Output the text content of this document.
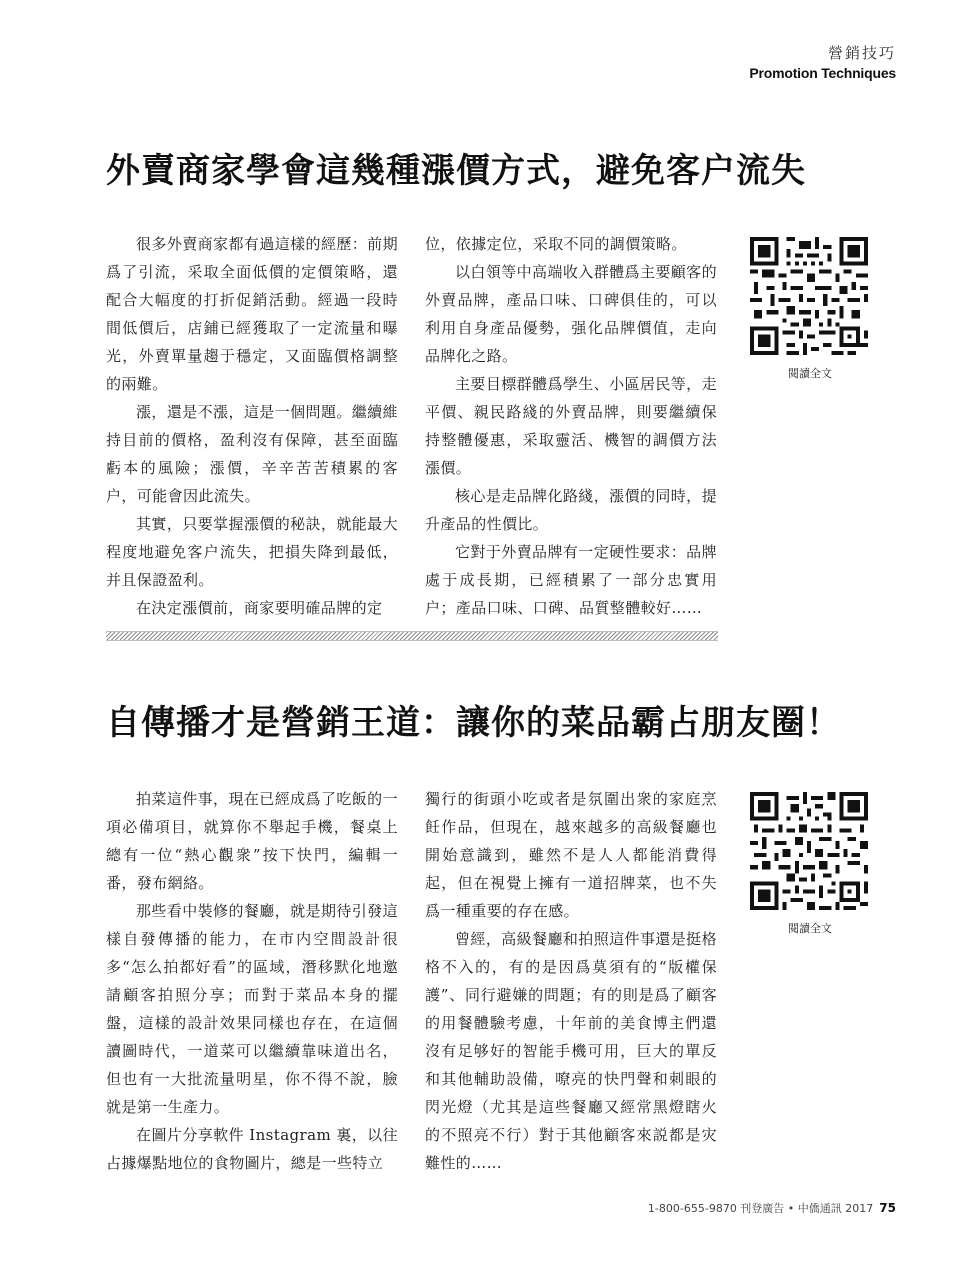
營銷技巧
Promotion Techniques
外賣商家學會這幾種漲價方式，避免客户流失

很多外賣商家都有過這樣的經歷：前期爲了引流，采取全面低價的定價策略，還配合大幅度的打折促銷活動。經過一段時間低價后，店鋪已經獲取了一定流量和曝光，外賣單量趨于穩定，又面臨價格調整的兩難。

漲，還是不漲，這是一個問題。繼續維持目前的價格，盈利沒有保障，甚至面臨虧本的風險；漲價，辛辛苦苦積累的客户，可能會因此流失。

其實，只要掌握漲價的秘訣，就能最大程度地避免客户流失，把損失降到最低，并且保證盈利。

在決定漲價前，商家要明確品牌的定

位，依據定位，采取不同的調價策略。

以白領等中高端收入群體爲主要顧客的外賣品牌，產品口味、口碑俱佳的，可以利用自身產品優勢，强化品牌價值，走向品牌化之路。

主要目標群體爲學生、小區居民等，走平價、親民路綫的外賣品牌，則要繼續保持整體優惠，采取靈活、機智的調價方法漲價。

核心是走品牌化路綫，漲價的同時，提升產品的性價比。

它對于外賣品牌有一定硬性要求：品牌處于成長期，已經積累了一部分忠實用户；產品口味、口碑、品質整體較好……

閱讀全文
自傳播才是營銷王道：讓你的菜品霸占朋友圈！

拍菜這件事，現在已經成爲了吃飯的一項必備項目，就算你不舉起手機，餐桌上總有一位“熱心觀衆”按下快門，編輯一番，發布網絡。

那些看中裝修的餐廳，就是期待引發這樣自發傳播的能力，在市内空間設計很多“怎么拍都好看”的區域，潛移默化地邀請顧客拍照分享；而對于菜品本身的擺盤，這樣的設計效果同樣也存在，在這個讀圖時代，一道菜可以繼續靠味道出名，但也有一大批流量明星，你不得不說，臉就是第一生產力。

在圖片分享軟件 Instagram 裏，以往占據爆點地位的食物圖片，總是一些特立

獨行的街頭小吃或者是氛圍出衆的家庭烹飪作品，但現在，越來越多的高級餐廳也開始意識到，雖然不是人人都能消費得起，但在視覺上擁有一道招牌菜，也不失爲一種重要的存在感。

曾經，高級餐廳和拍照這件事還是挺格格不入的，有的是因爲莫須有的“版權保護”、同行避嫌的問題；有的則是爲了顧客的用餐體驗考慮，十年前的美食博主們還沒有足够好的智能手機可用，巨大的單反和其他輔助設備，嘹亮的快門聲和刺眼的閃光燈（尤其是這些餐廳又經常黑燈瞎火的不照亮不行）對于其他顧客來説都是灾難性的……

閱讀全文
1-800-655-9870 刊登廣告 • 中僑通訊 2017 75
